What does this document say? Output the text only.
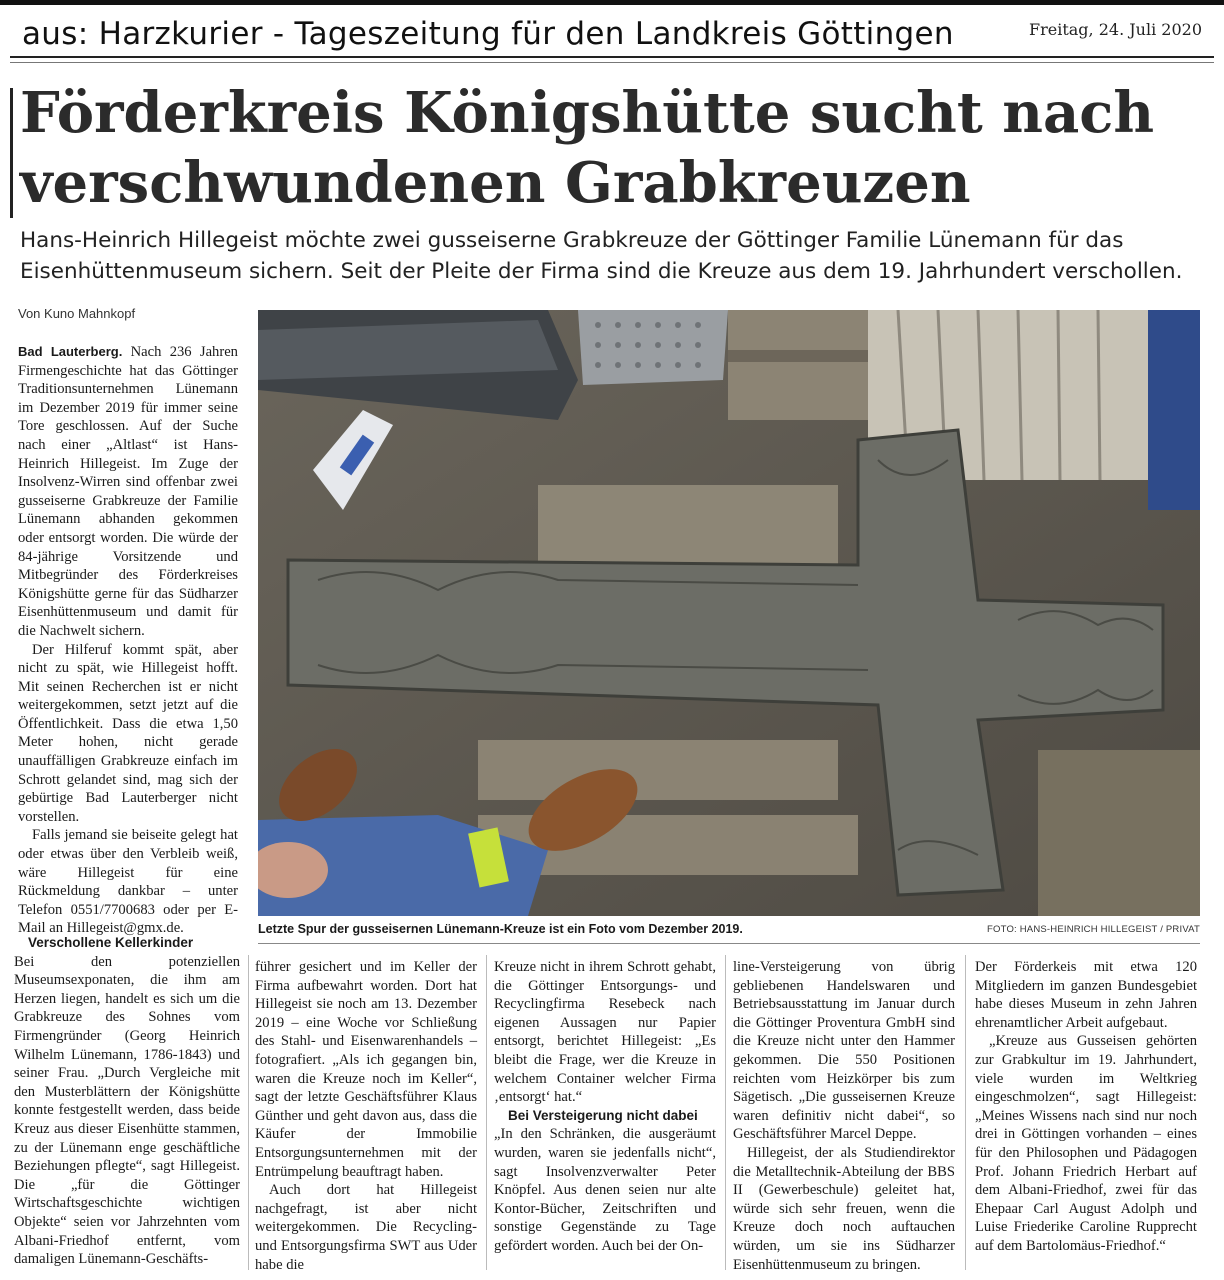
aus: Harzkurier - Tageszeitung für den Landkreis Göttingen	Freitag, 24. Juli 2020
Förderkreis Königshütte sucht nach verschwundenen Grabkreuzen

Hans-Heinrich Hillegeist möchte zwei gusseiserne Grabkreuze der Göttinger Familie Lünemann für das Eisenhüttenmuseum sichern. Seit der Pleite der Firma sind die Kreuze aus dem 19. Jahrhundert verschollen.

Von Kuno Mahnkopf

Bad Lauterberg. Nach 236 Jahren Firmengeschichte hat das Göttinger Traditionsunternehmen Lünemann im Dezember 2019 für immer seine Tore geschlossen. Auf der Suche nach einer „Altlast“ ist Hans-Heinrich Hillegeist. Im Zuge der Insolvenz-Wirren sind offenbar zwei gusseiserne Grabkreuze der Familie Lünemann abhanden gekommen oder entsorgt worden. Die würde der 84-jährige Vorsitzende und Mitbegründer des Förderkreises Königshütte gerne für das Südharzer Eisenhüttenmuseum und damit für die Nachwelt sichern.

Der Hilferuf kommt spät, aber nicht zu spät, wie Hillegeist hofft. Mit seinen Recherchen ist er nicht weitergekommen, setzt jetzt auf die Öffentlichkeit. Dass die etwa 1,50 Meter hohen, nicht gerade unauffälligen Grabkreuze einfach im Schrott gelandet sind, mag sich der gebürtige Bad Lauterberger nicht vorstellen.

Falls jemand sie beiseite gelegt hat oder etwas über den Verbleib weiß, wäre Hillegeist für eine Rückmeldung dankbar – unter Telefon 0551/7700683 oder per E-Mail an Hillegeist@gmx.de.	Letzte Spur der gusseisernen Lünemann-Kreuze ist ein Foto vom Dezember 2019.	FOTO: HANS-HEINRICH HILLEGEIST / PRIVAT

Verschollene Kellerkinder

Bei den potenziellen Museumsexponaten, die ihm am Herzen liegen, handelt es sich um die Grabkreuze des Sohnes vom Firmengründer (Georg Heinrich Wilhelm Lünemann, 1786-1843) und seiner Frau. „Durch Vergleiche mit den Musterblättern der Königshütte konnte festgestellt werden, dass beide Kreuz aus dieser Eisenhütte stammen, zu der Lünemann enge geschäftliche Beziehungen pflegte“, sagt Hillegeist. Die „für die Göttinger Wirtschaftsgeschichte wichtigen Objekte“ seien vor Jahrzehnten vom Albani-Friedhof entfernt, vom damaligen Lünemann-Geschäfts-

führer gesichert und im Keller der Firma aufbewahrt worden. Dort hat Hillegeist sie noch am 13. Dezember 2019 – eine Woche vor Schließung des Stahl- und Eisenwarenhandels – fotografiert. „Als ich gegangen bin, waren die Kreuze noch im Keller“, sagt der letzte Geschäftsführer Klaus Günther und geht davon aus, dass die Käufer der Immobilie Entsorgungsunternehmen mit der Entrümpelung beauftragt haben.

Auch dort hat Hillegeist nachgefragt, ist aber nicht weitergekommen. Die Recycling- und Entsorgungsfirma SWT aus Uder habe die

Kreuze nicht in ihrem Schrott gehabt, die Göttinger Entsorgungs- und Recyclingfirma Resebeck nach eigenen Aussagen nur Papier entsorgt, berichtet Hillegeist: „Es bleibt die Frage, wer die Kreuze in welchem Container welcher Firma ‚entsorgt‘ hat.“

Bei Versteigerung nicht dabei

„In den Schränken, die ausgeräumt wurden, waren sie jedenfalls nicht“, sagt Insolvenzverwalter Peter Knöpfel. Aus denen seien nur alte Kontor-Bücher, Zeitschriften und sonstige Gegenstände zu Tage gefördert worden. Auch bei der On-

line-Versteigerung von übrig gebliebenen Handelswaren und Betriebsausstattung im Januar durch die Göttinger Proventura GmbH sind die Kreuze nicht unter den Hammer gekommen. Die 550 Positionen reichten vom Heizkörper bis zum Sägetisch. „Die gusseisernen Kreuze waren definitiv nicht dabei“, so Geschäftsführer Marcel Deppe.

Hillegeist, der als Studiendirektor die Metalltechnik-Abteilung der BBS II (Gewerbeschule) geleitet hat, würde sich sehr freuen, wenn die Kreuze doch noch auftauchen würden, um sie ins Südharzer Eisenhüttenmuseum zu bringen.

Der Förderkeis mit etwa 120 Mitgliedern im ganzen Bundesgebiet habe dieses Museum in zehn Jahren ehrenamtlicher Arbeit aufgebaut.

„Kreuze aus Gusseisen gehörten zur Grabkultur im 19. Jahrhundert, viele wurden im Weltkrieg eingeschmolzen“, sagt Hillegeist: „Meines Wissens nach sind nur noch drei in Göttingen vorhanden – eines für den Philosophen und Pädagogen Prof. Johann Friedrich Herbart auf dem Albani-Friedhof, zwei für das Ehepaar Carl August Adolph und Luise Friederike Caroline Rupprecht auf dem Bartolomäus-Friedhof.“
